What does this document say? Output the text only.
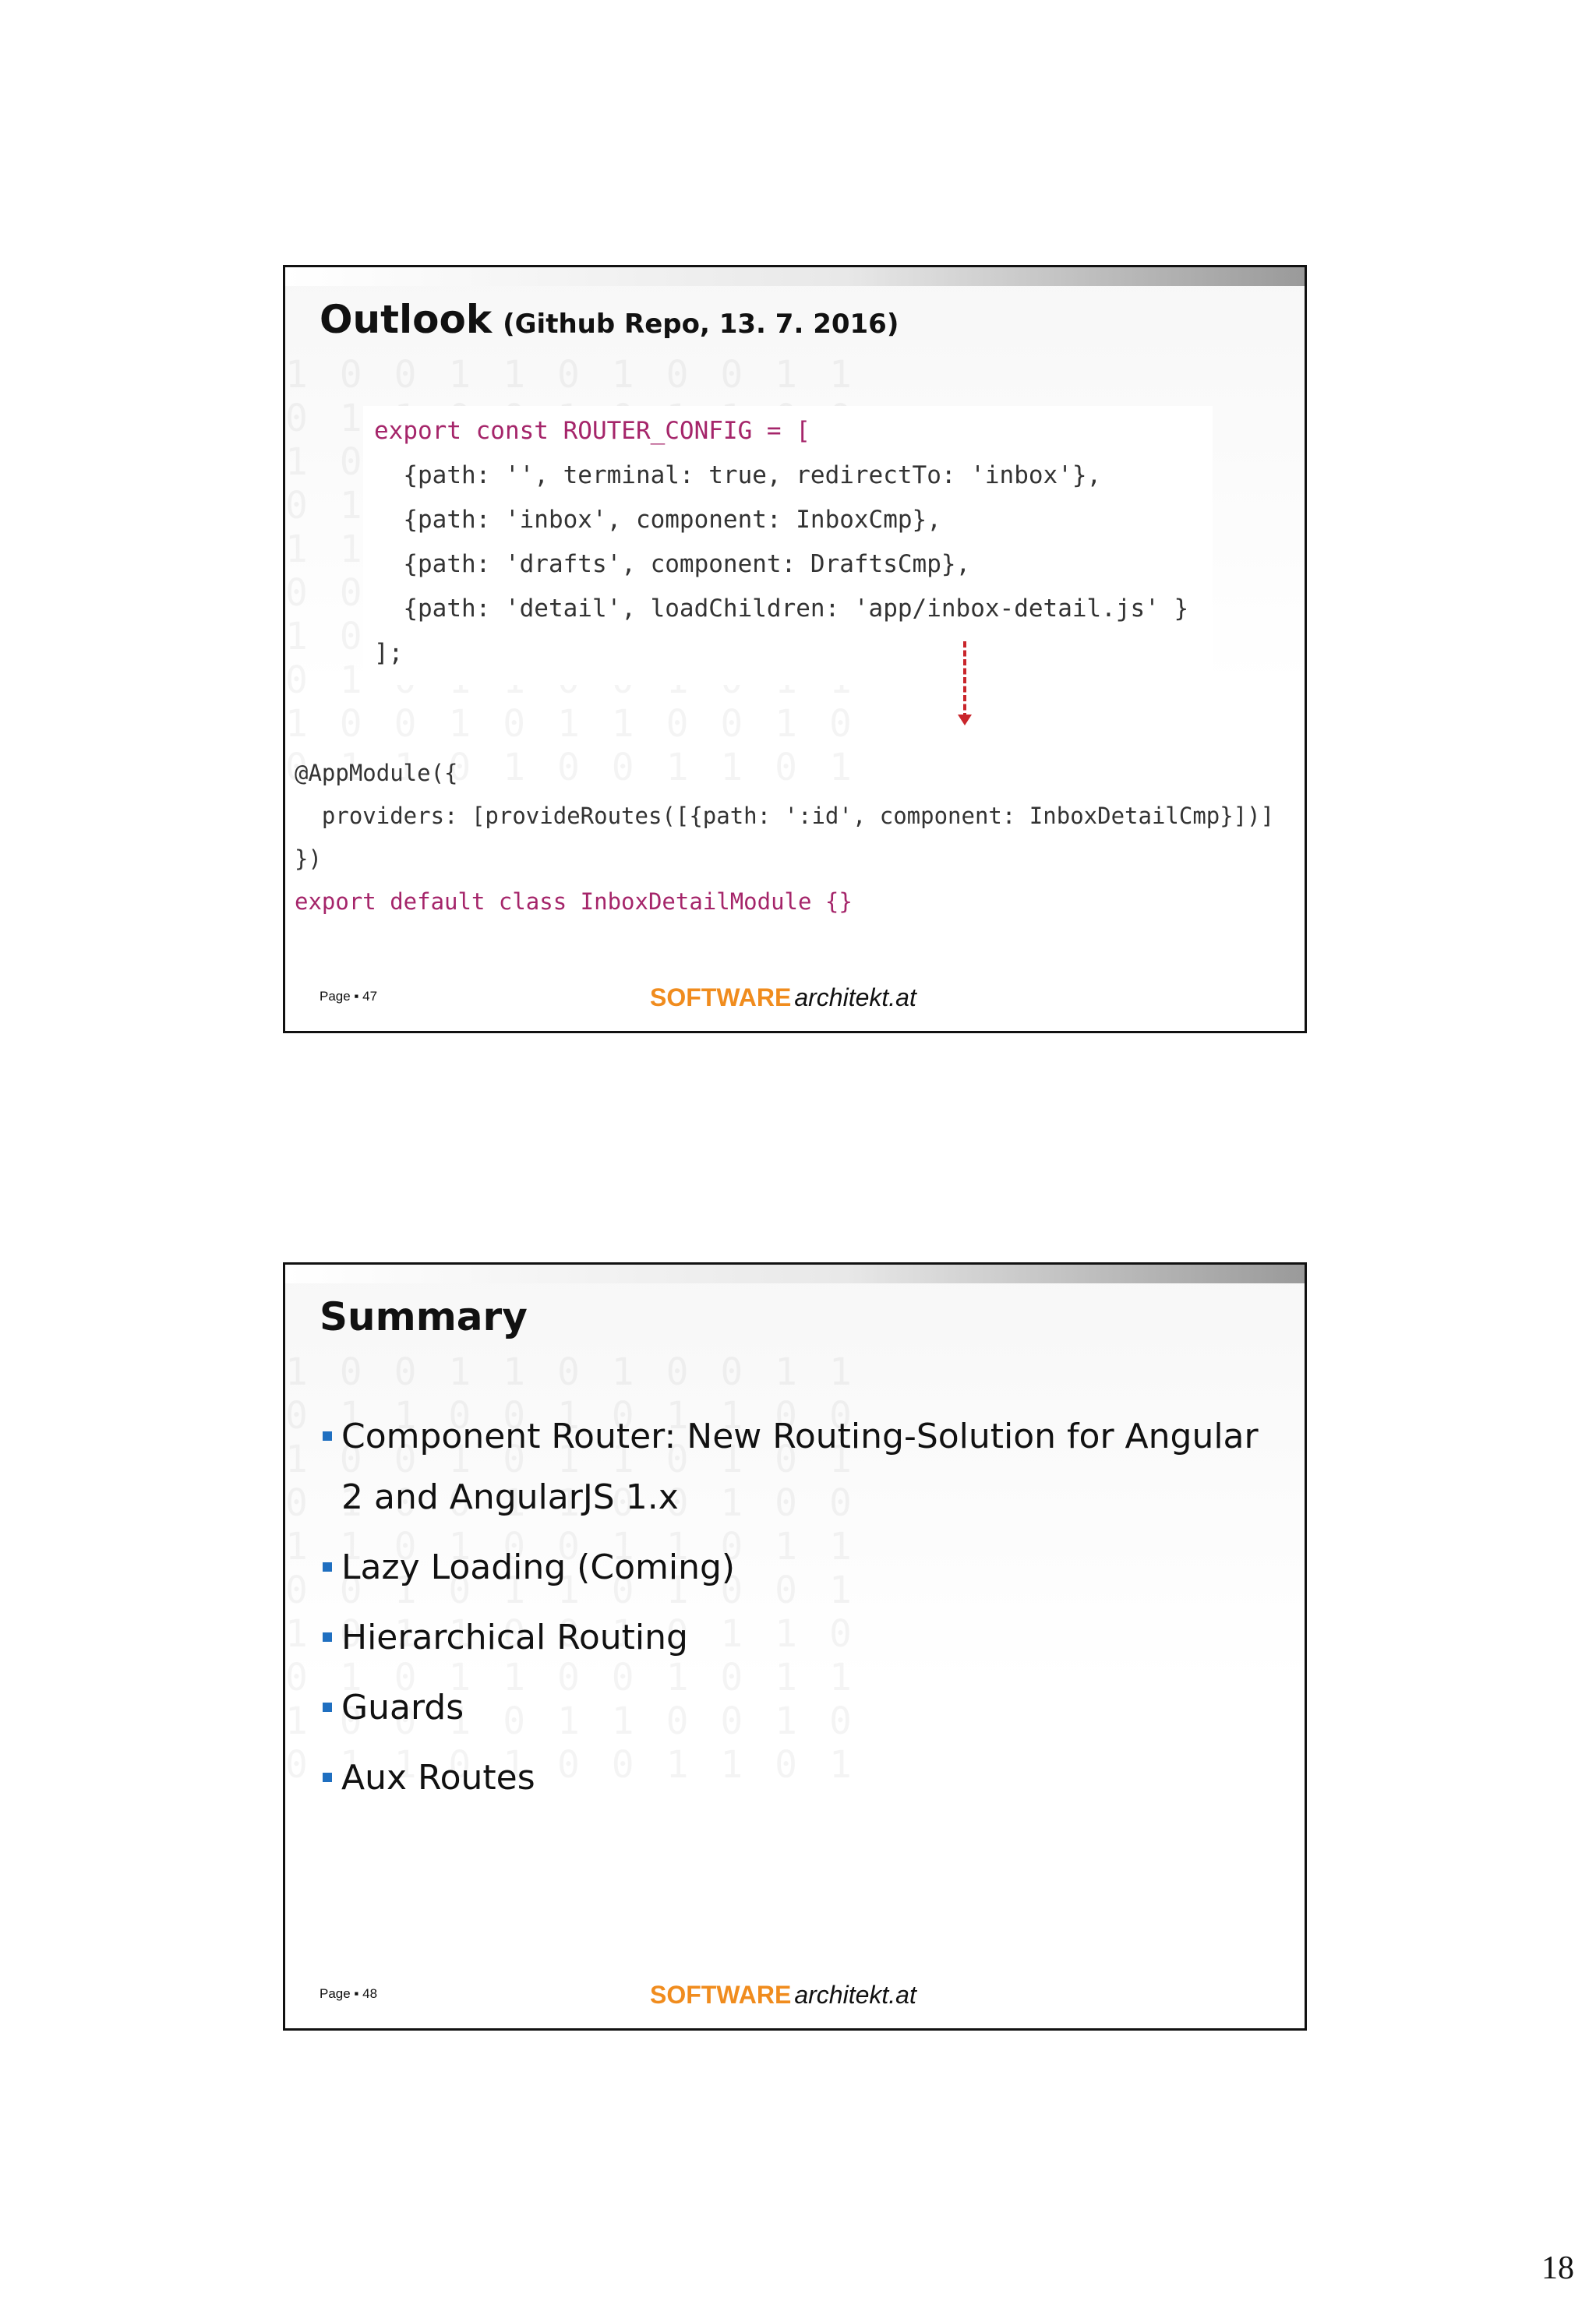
Outlook (Github Repo, 13. 7. 2016)
export const ROUTER_CONFIG = [
{path: '', terminal: true, redirectTo: 'inbox'},
{path: 'inbox', component: InboxCmp},
{path: 'drafts', component: DraftsCmp},
{path: 'detail', loadChildren: 'app/inbox-detail.js' }
];
@AppModule({
providers: [provideRoutes([{path: ':id', component: InboxDetailCmp}])]
})
export default class InboxDetailModule {}
Page ▪ 47	SOFTWARE architekt.at
Summary
Component Router: New Routing-Solution for Angular 2 and AngularJS 1.x
Lazy Loading (Coming)
Hierarchical Routing
Guards
Aux Routes
Page ▪ 48	SOFTWARE architekt.at
18
